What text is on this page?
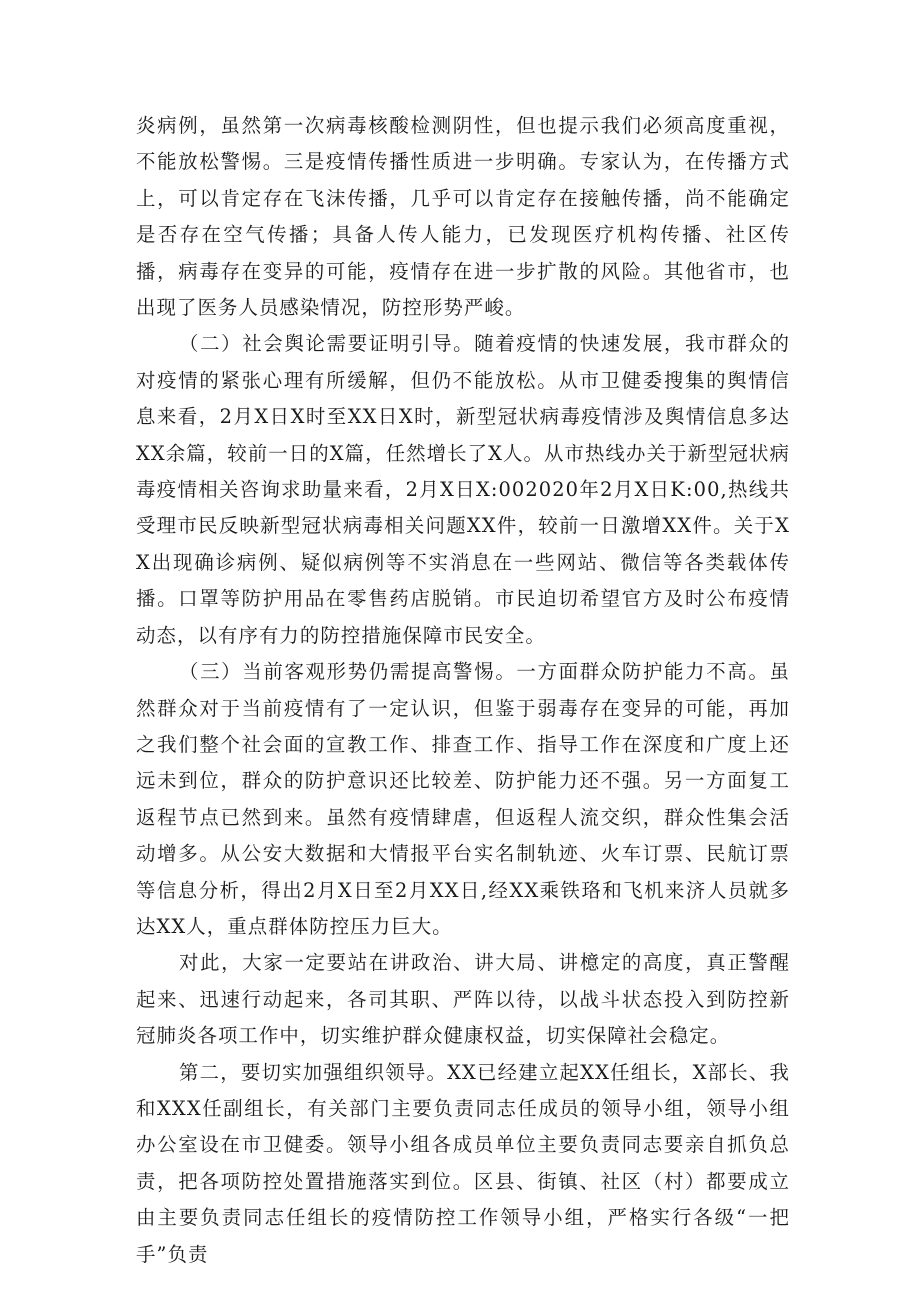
炎病例，虽然第一次病毒核酸检测阴性，但也提示我们必须高度重视，不能放松警惕。三是疫情传播性质进一步明确。专家认为，在传播方式上，可以肯定存在飞沫传播，几乎可以肯定存在接触传播，尚不能确定是否存在空气传播；具备人传人能力，已发现医疗机构传播、社区传播，病毒存在变异的可能，疫情存在进一步扩散的风险。其他省市，也出现了医务人员感染情况，防控形势严峻。

（二）社会舆论需要证明引导。随着疫情的快速发展，我市群众的对疫情的紧张心理有所缓解，但仍不能放松。从市卫健委搜集的舆情信息来看，2月X日X时至XX日X时，新型冠状病毒疫情涉及舆情信息多达XX余篇，较前一日的X篇，任然增长了X人。从市热线办关于新型冠状病毒疫情相关咨询求助量来看，2月X日X:002020年2月X日K:00,热线共受理市民反映新型冠状病毒相关问题XX件，较前一日激增XX件。关于XX出现确诊病例、疑似病例等不实消息在一些网站、微信等各类载体传播。口罩等防护用品在零售药店脱销。市民迫切希望官方及时公布疫情动态，以有序有力的防控措施保障市民安全。

（三）当前客观形势仍需提高警惕。一方面群众防护能力不高。虽然群众对于当前疫情有了一定认识，但鉴于弱毒存在变异的可能，再加之我们整个社会面的宣教工作、排查工作、指导工作在深度和广度上还远未到位，群众的防护意识还比较差、防护能力还不强。另一方面复工返程节点已然到来。虽然有疫情肆虐，但返程人流交织，群众性集会活动增多。从公安大数据和大情报平台实名制轨迹、火车订票、民航订票等信息分析，得出2月X日至2月XX日,经XX乘铁珞和飞机来济人员就多达XX人，重点群体防控压力巨大。

对此，大家一定要站在讲政治、讲大局、讲檍定的高度，真正警醒起来、迅速行动起来，各司其职、严阵以待，以战斗状态投入到防控新冠肺炎各项工作中，切实维护群众健康权益，切实保障社会稳定。

第二，要切实加强组织领导。XX已经建立起XX任组长，X部长、我和XXX任副组长，有关部门主要负责同志任成员的领导小组，领导小组办公室设在市卫健委。领导小组各成员单位主要负责同志要亲自抓负总责，把各项防控处置措施落实到位。区县、街镇、社区（村）都要成立由主要负责同志任组长的疫情防控工作领导小组，严格实行各级“一把手”负责
